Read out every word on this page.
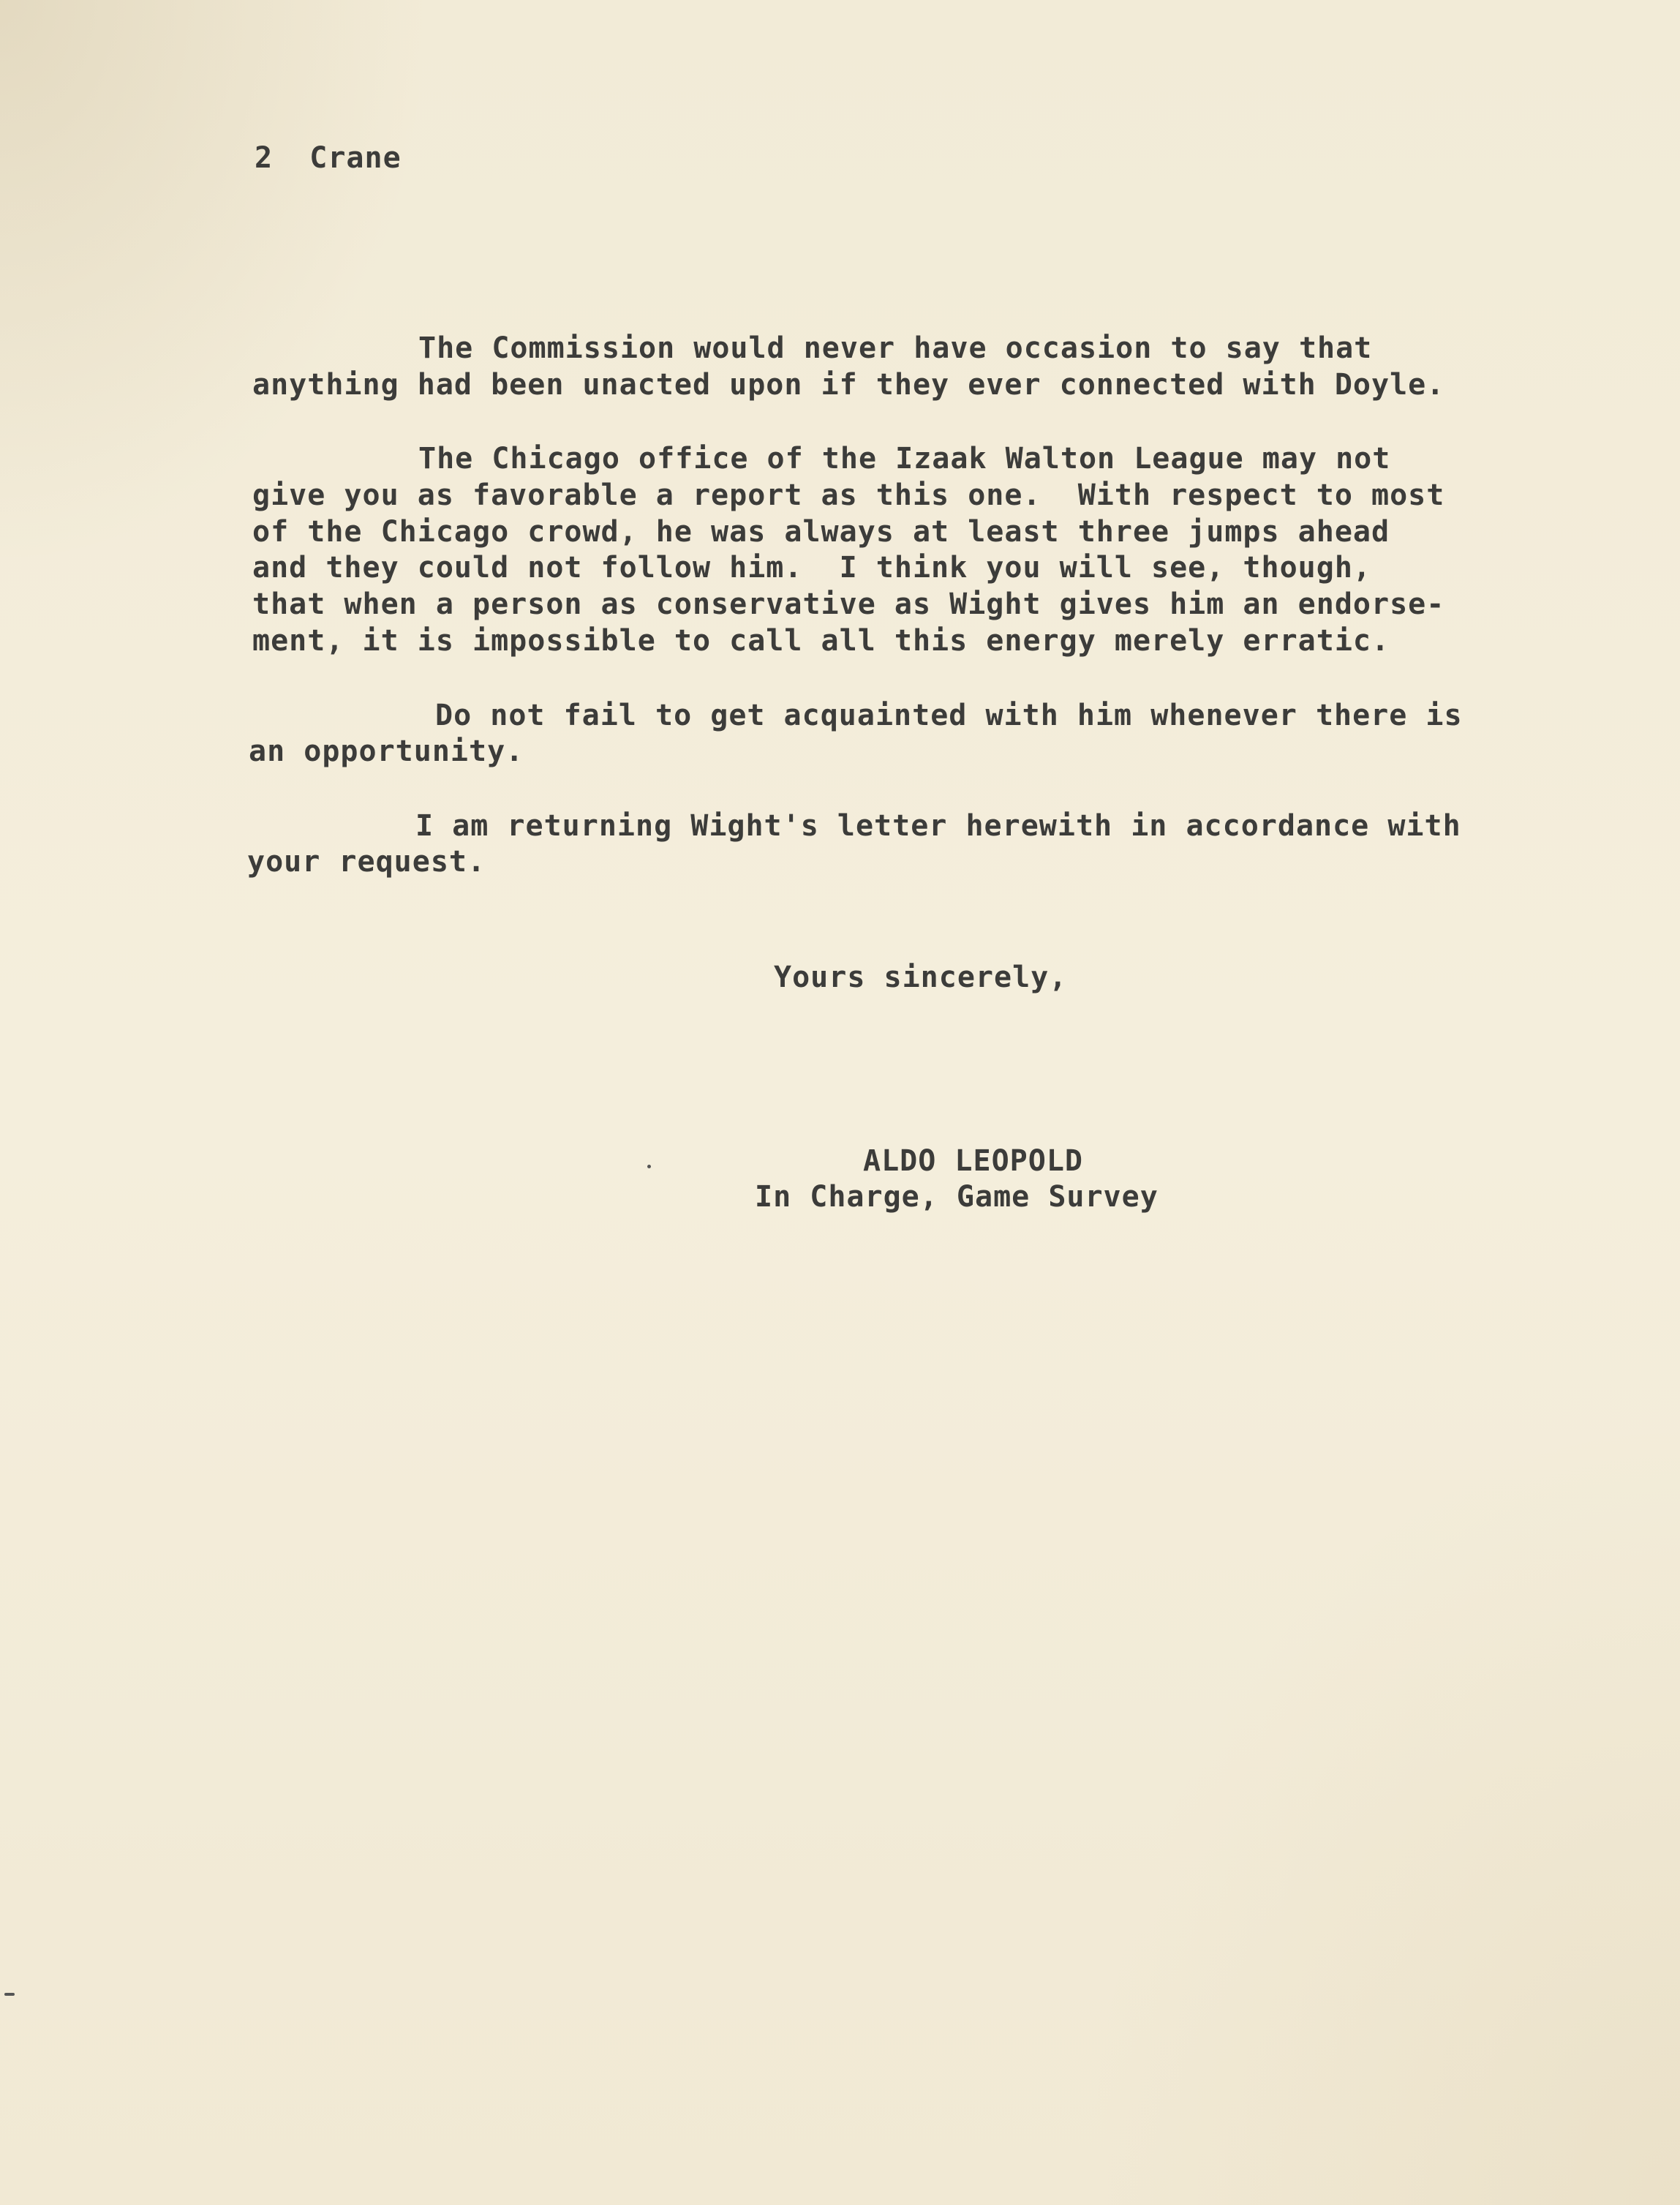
2  Crane
The Commission would never have occasion to say that
anything had been unacted upon if they ever connected with Doyle.
The Chicago office of the Izaak Walton League may not
give you as favorable a report as this one.  With respect to most
of the Chicago crowd, he was always at least three jumps ahead
and they could not follow him.  I think you will see, though,
that when a person as conservative as Wight gives him an endorse-
ment, it is impossible to call all this energy merely erratic.
Do not fail to get acquainted with him whenever there is
an opportunity.
I am returning Wight's letter herewith in accordance with
your request.
Yours sincerely,
ALDO LEOPOLD
In Charge, Game Survey
